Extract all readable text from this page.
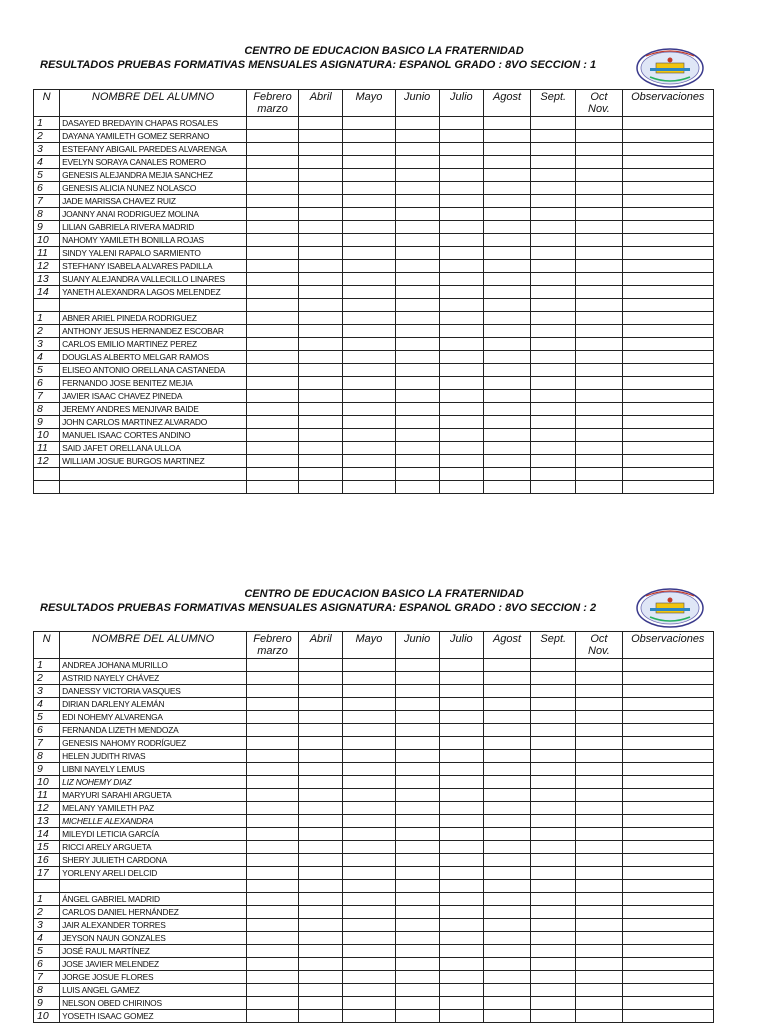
CENTRO DE EDUCACION BASICO LA FRATERNIDAD
RESULTADOS PRUEBAS FORMATIVAS MENSUALES ASIGNATURA: ESPANOL GRADO : 8VO SECCION : 1
N	NOMBRE DEL ALUMNO	Febrero marzo	Abril	Mayo	Junio	Julio	Agost	Sept.	Oct Nov.	Observaciones
1	DASAYED BREDAYIN CHAPAS ROSALES									
2	DAYANA YAMILETH GOMEZ SERRANO									
3	ESTEFANY ABIGAIL PAREDES ALVARENGA									
4	EVELYN SORAYA CANALES ROMERO									
5	GENESIS ALEJANDRA MEJIA SANCHEZ									
6	GENESIS ALICIA NUNEZ NOLASCO									
7	JADE MARISSA CHAVEZ RUIZ									
8	JOANNY ANAI RODRIGUEZ MOLINA									
9	LILIAN GABRIELA RIVERA MADRID									
10	NAHOMY YAMILETH BONILLA ROJAS									
11	SINDY YALENI RAPALO SARMIENTO									
12	STEFHANY ISABELA ALVARES PADILLA									
13	SUANY ALEJANDRA VALLECILLO LINARES									
14	YANETH ALEXANDRA LAGOS MELENDEZ									

1	ABNER ARIEL PINEDA RODRIGUEZ									
2	ANTHONY JESUS HERNANDEZ ESCOBAR									
3	CARLOS EMILIO MARTINEZ PEREZ									
4	DOUGLAS ALBERTO MELGAR RAMOS									
5	ELISEO ANTONIO ORELLANA CASTANEDA									
6	FERNANDO JOSE BENITEZ MEJIA									
7	JAVIER ISAAC CHAVEZ PINEDA									
8	JEREMY ANDRES MENJIVAR BAIDE									
9	JOHN CARLOS MARTINEZ ALVARADO									
10	MANUEL ISAAC CORTES ANDINO									
11	SAID JAFET ORELLANA ULLOA									
12	WILLIAM JOSUE BURGOS MARTINEZ									

CENTRO DE EDUCACION BASICO LA FRATERNIDAD
RESULTADOS PRUEBAS FORMATIVAS MENSUALES ASIGNATURA: ESPANOL GRADO : 8VO SECCION : 2
N	NOMBRE DEL ALUMNO	Febrero marzo	Abril	Mayo	Junio	Julio	Agost	Sept.	Oct Nov.	Observaciones
1	ANDREA JOHANA MURILLO									
2	ASTRID NAYELY CHÁVEZ									
3	DANESSY VICTORIA VASQUES									
4	DIRIAN DARLENY ALEMÁN									
5	EDI NOHEMY ALVARENGA									
6	FERNANDA LIZETH MENDOZA									
7	GENESIS NAHOMY RODRÍGUEZ									
8	HELEN JUDITH RIVAS									
9	LIBNI NAYELY LEMUS									
10	LIZ NOHEMY DIAZ									
11	MARYURI SARAHI ARGUETA									
12	MELANY YAMILETH PAZ									
13	MICHELLE ALEXANDRA									
14	MILEYDI LETICIA GARCÍA									
15	RICCI ARELY ARGUETA									
16	SHERY JULIETH CARDONA									
17	YORLENY ARELI DELCID									

1	ÁNGEL GABRIEL MADRID									
2	CARLOS DANIEL HERNÁNDEZ									
3	JAIR ALEXANDER TORRES									
4	JEYSON NAUN GONZALES									
5	JOSÉ RAUL MARTÍNEZ									
6	JOSE JAVIER MELENDEZ									
7	JORGE JOSUE FLORES									
8	LUIS ANGEL GAMEZ									
9	NELSON OBED CHIRINOS									
10	YOSETH ISAAC GOMEZ									
